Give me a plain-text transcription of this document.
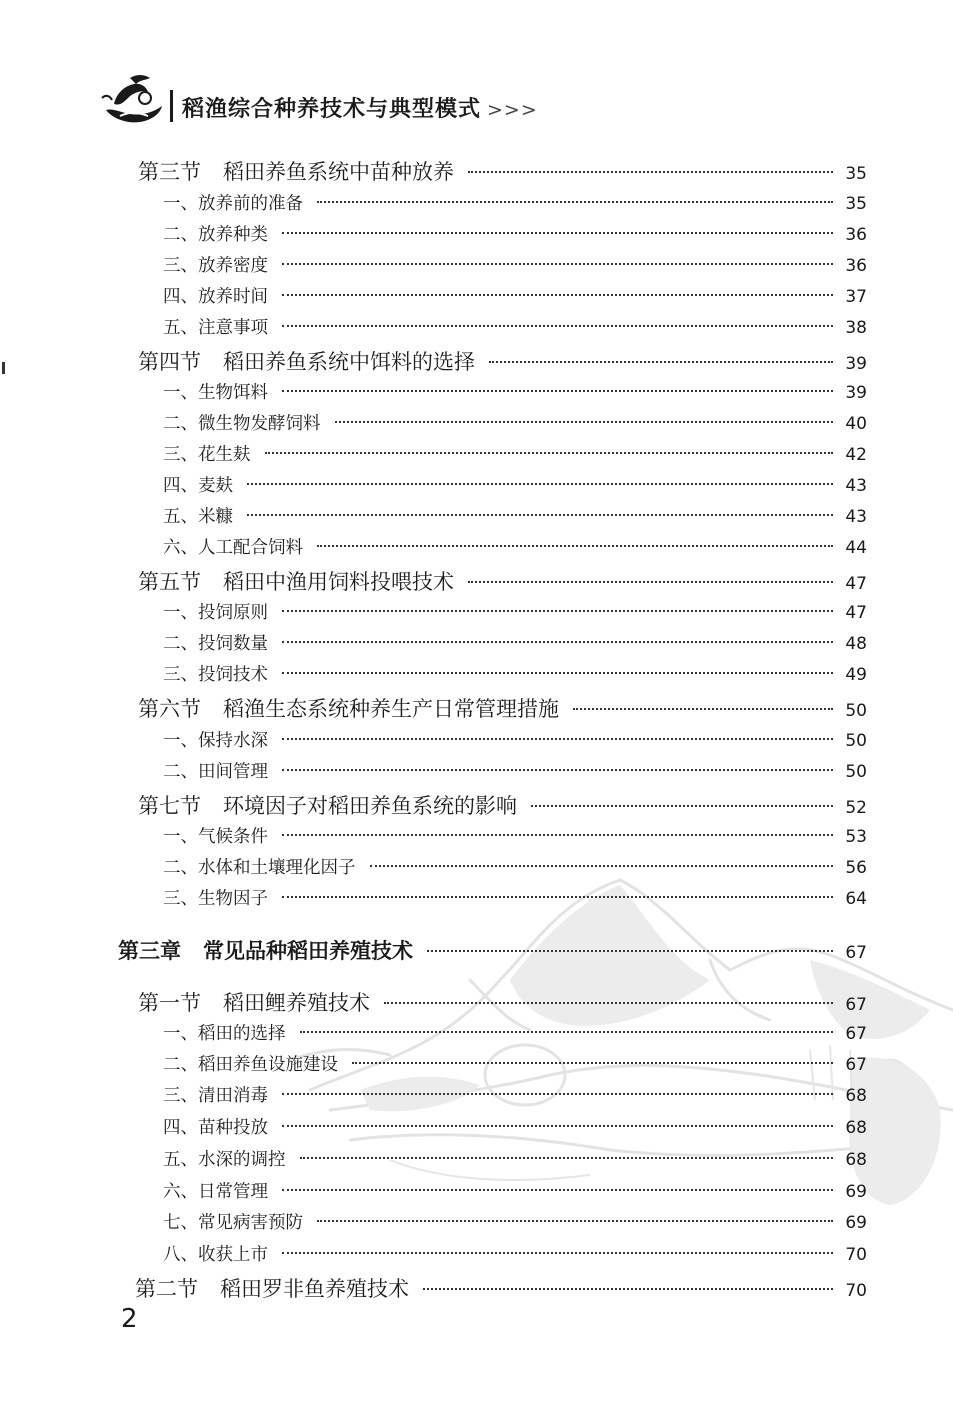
稻渔综合种养技术与典型模式 >>>
第三节 稻田养鱼系统中苗种放养	35
一、放养前的准备	35
二、放养种类	36
三、放养密度	36
四、放养时间	37
五、注意事项	38
第四节 稻田养鱼系统中饵料的选择	39
一、生物饵料	39
二、微生物发酵饲料	40
三、花生麸	42
四、麦麸	43
五、米糠	43
六、人工配合饲料	44
第五节 稻田中渔用饲料投喂技术	47
一、投饲原则	47
二、投饲数量	48
三、投饲技术	49
第六节 稻渔生态系统种养生产日常管理措施	50
一、保持水深	50
二、田间管理	50
第七节 环境因子对稻田养鱼系统的影响	52
一、气候条件	53
二、水体和土壤理化因子	56
三、生物因子	64
第三章 常见品种稻田养殖技术	67
第一节 稻田鲤养殖技术	67
一、稻田的选择	67
二、稻田养鱼设施建设	67
三、清田消毒	68
四、苗种投放	68
五、水深的调控	68
六、日常管理	69
七、常见病害预防	69
八、收获上市	70
第二节 稻田罗非鱼养殖技术	70
2
